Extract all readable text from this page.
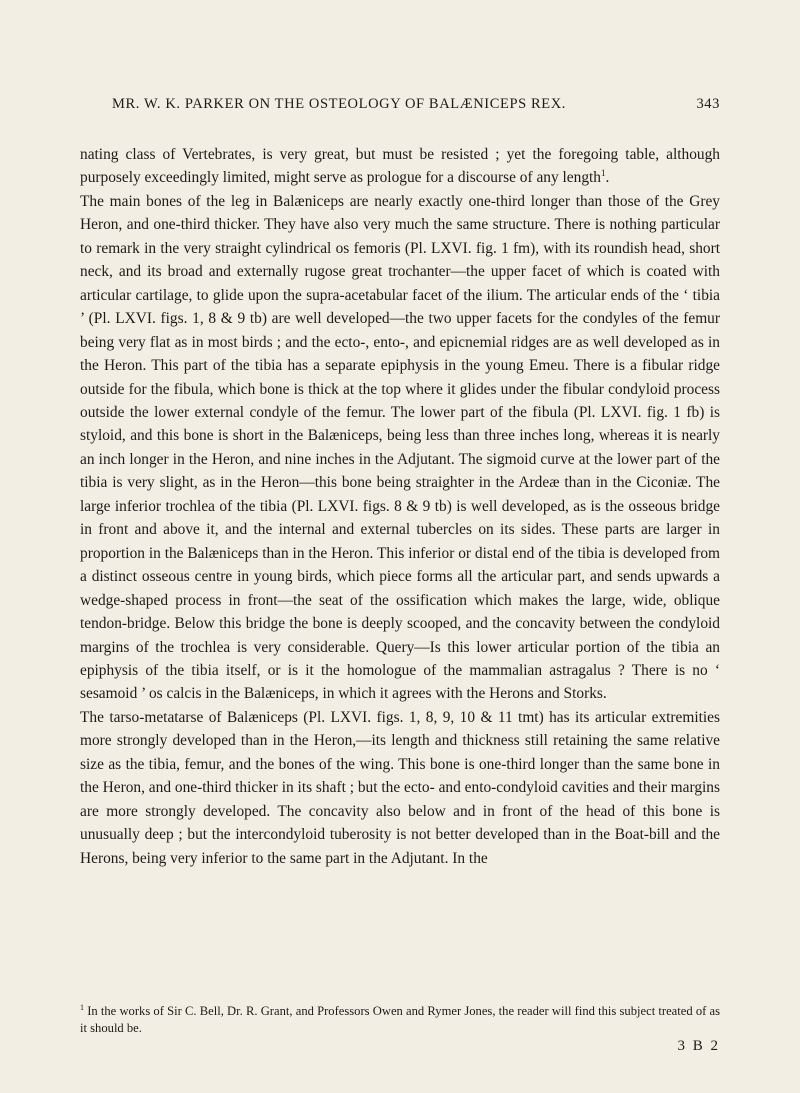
MR. W. K. PARKER ON THE OSTEOLOGY OF BALÆNICEPS REX.	343

nating class of Vertebrates, is very great, but must be resisted ; yet the foregoing table, although purposely exceedingly limited, might serve as prologue for a discourse of any length$^1$.

The main bones of the leg in Balæniceps are nearly exactly one-third longer than those of the Grey Heron, and one-third thicker. They have also very much the same structure. There is nothing particular to remark in the very straight cylindrical os femoris (Pl. LXVI. fig. 1 fm), with its roundish head, short neck, and its broad and externally rugose great trochanter—the upper facet of which is coated with articular cartilage, to glide upon the supra-acetabular facet of the ilium. The articular ends of the ‘ tibia ’ (Pl. LXVI. figs. 1, 8 & 9 tb) are well developed—the two upper facets for the condyles of the femur being very flat as in most birds ; and the ecto-, ento-, and epicnemial ridges are as well developed as in the Heron. This part of the tibia has a separate epiphysis in the young Emeu. There is a fibular ridge outside for the fibula, which bone is thick at the top where it glides under the fibular condyloid process outside the lower external condyle of the femur. The lower part of the fibula (Pl. LXVI. fig. 1 fb) is styloid, and this bone is short in the Balæniceps, being less than three inches long, whereas it is nearly an inch longer in the Heron, and nine inches in the Adjutant. The sigmoid curve at the lower part of the tibia is very slight, as in the Heron—this bone being straighter in the Ardeæ than in the Ciconiæ. The large inferior trochlea of the tibia (Pl. LXVI. figs. 8 & 9 tb) is well developed, as is the osseous bridge in front and above it, and the internal and external tubercles on its sides. These parts are larger in proportion in the Balæniceps than in the Heron. This inferior or distal end of the tibia is developed from a distinct osseous centre in young birds, which piece forms all the articular part, and sends upwards a wedge-shaped process in front—the seat of the ossification which makes the large, wide, oblique tendon-bridge. Below this bridge the bone is deeply scooped, and the concavity between the condyloid margins of the trochlea is very considerable. Query—Is this lower articular portion of the tibia an epiphysis of the tibia itself, or is it the homologue of the mammalian astragalus ? There is no ‘ sesamoid ’ os calcis in the Balæniceps, in which it agrees with the Herons and Storks.

The tarso-metatarse of Balæniceps (Pl. LXVI. figs. 1, 8, 9, 10 & 11 tmt) has its articular extremities more strongly developed than in the Heron,—its length and thickness still retaining the same relative size as the tibia, femur, and the bones of the wing. This bone is one-third longer than the same bone in the Heron, and one-third thicker in its shaft ; but the ecto- and ento-condyloid cavities and their margins are more strongly developed. The concavity also below and in front of the head of this bone is unusually deep ; but the intercondyloid tuberosity is not better developed than in the Boat-bill and the Herons, being very inferior to the same part in the Adjutant. In the

$^1$ In the works of Sir C. Bell, Dr. R. Grant, and Professors Owen and Rymer Jones, the reader will find this subject treated of as it should be.
3 B 2
